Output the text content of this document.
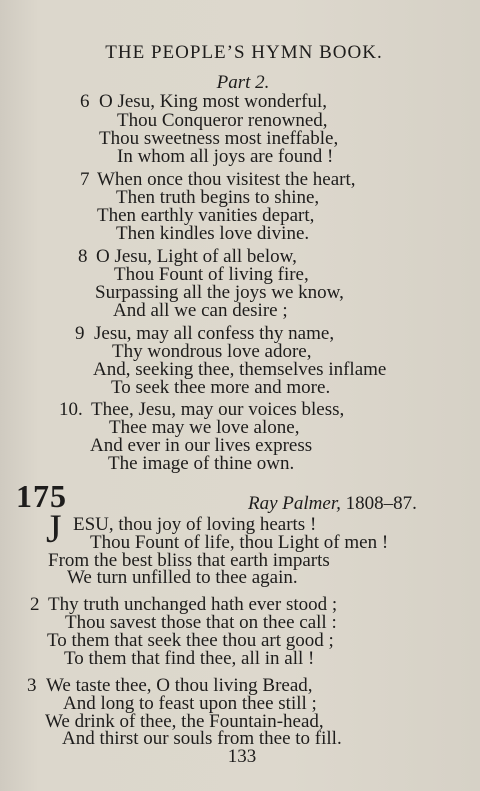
THE PEOPLE’S HYMN BOOK.
Part 2.
6 O Jesu, King most wonderful,
Thou Conqueror renowned,
Thou sweetness most ineffable,
In whom all joys are found !
7 When once thou visitest the heart,
Then truth begins to shine,
Then earthly vanities depart,
Then kindles love divine.
8 O Jesu, Light of all below,
Thou Fount of living fire,
Surpassing all the joys we know,
And all we can desire ;
9 Jesu, may all confess thy name,
Thy wondrous love adore,
And, seeking thee, themselves inflame
To seek thee more and more.
10. Thee, Jesu, may our voices bless,
Thee may we love alone,
And ever in our lives express
The image of thine own.
175	Ray Palmer, 1808–87.
J ESU, thou joy of loving hearts !
Thou Fount of life, thou Light of men !
From the best bliss that earth imparts
We turn unfilled to thee again.
2 Thy truth unchanged hath ever stood ;
Thou savest those that on thee call :
To them that seek thee thou art good ;
To them that find thee, all in all !
3 We taste thee, O thou living Bread,
And long to feast upon thee still ;
We drink of thee, the Fountain-head,
And thirst our souls from thee to fill.
133
